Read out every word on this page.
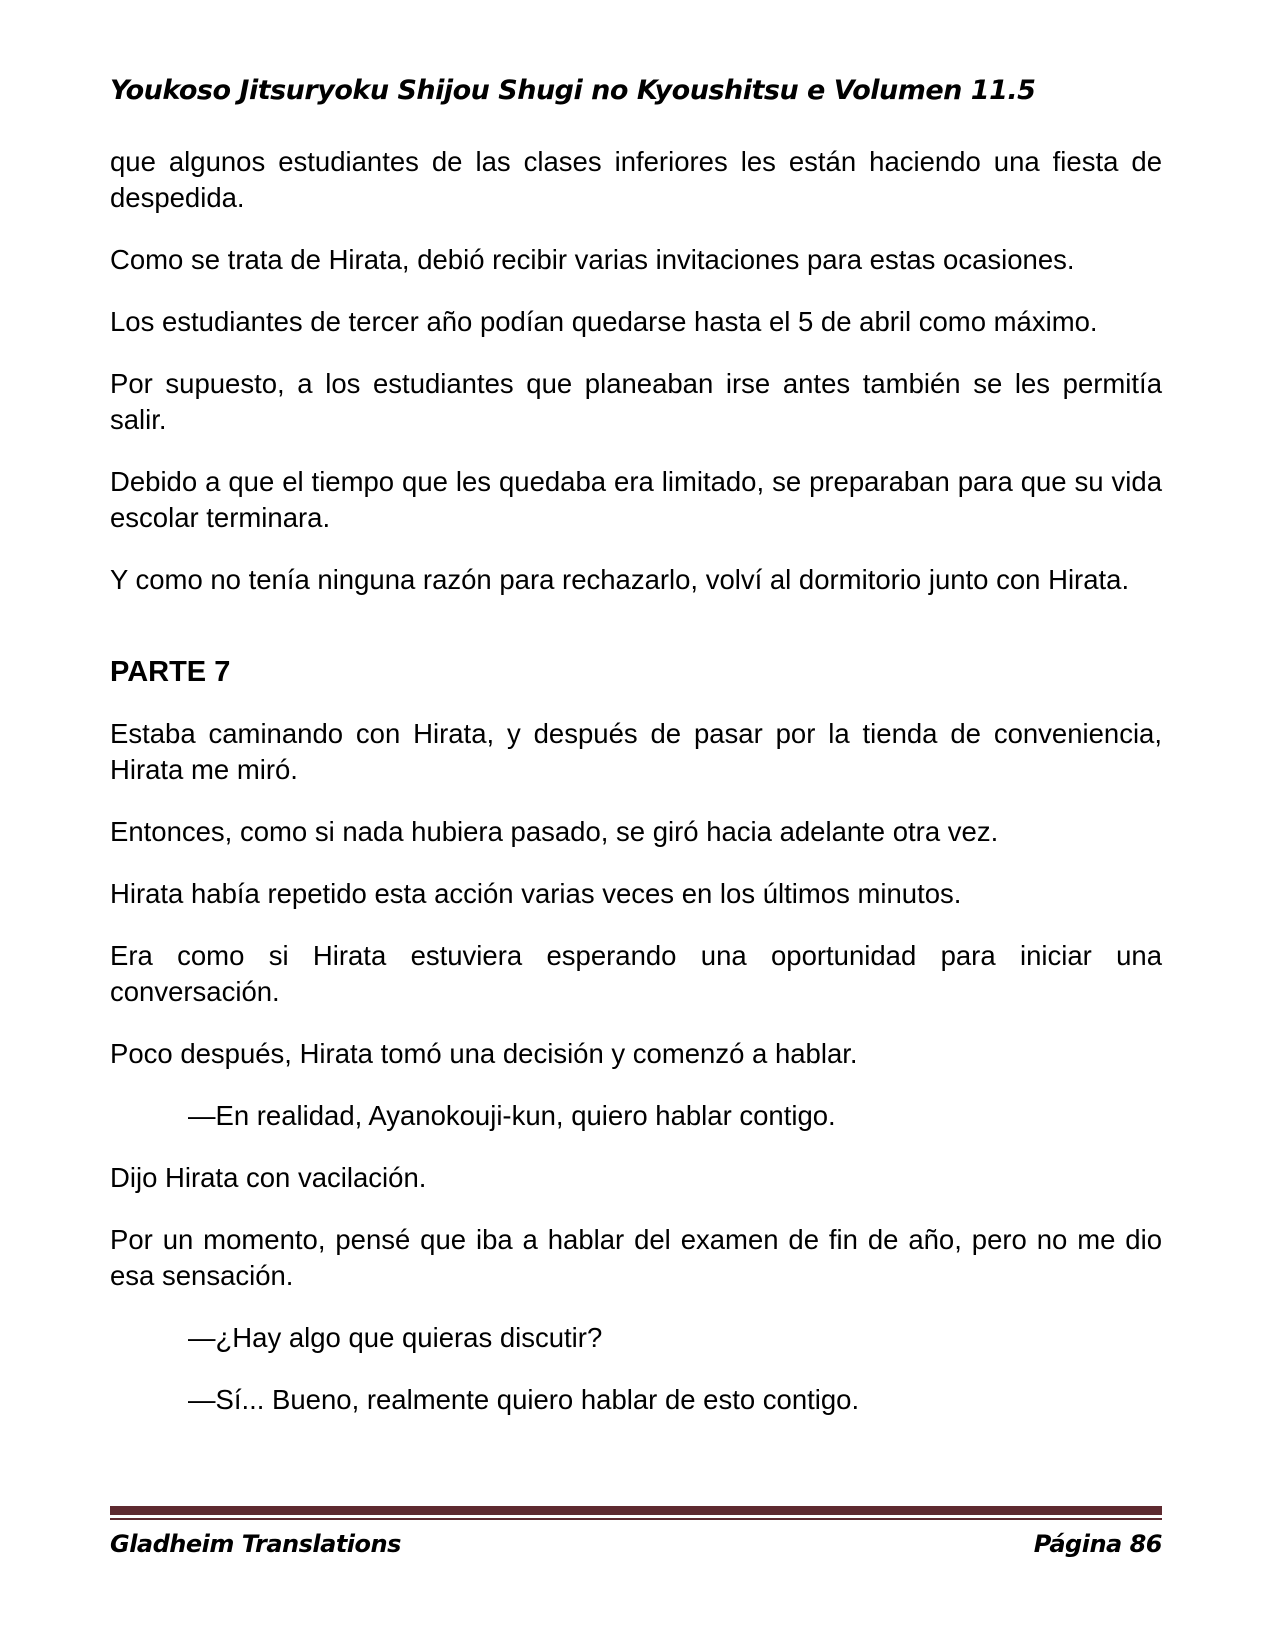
Youkoso Jitsuryoku Shijou Shugi no Kyoushitsu e Volumen 11.5

que algunos estudiantes de las clases inferiores les están haciendo una fiesta de despedida.

Como se trata de Hirata, debió recibir varias invitaciones para estas ocasiones.

Los estudiantes de tercer año podían quedarse hasta el 5 de abril como máximo.

Por supuesto, a los estudiantes que planeaban irse antes también se les permitía salir.

Debido a que el tiempo que les quedaba era limitado, se preparaban para que su vida escolar terminara.

Y como no tenía ninguna razón para rechazarlo, volví al dormitorio junto con Hirata.

PARTE 7

Estaba caminando con Hirata, y después de pasar por la tienda de conveniencia, Hirata me miró.

Entonces, como si nada hubiera pasado, se giró hacia adelante otra vez.

Hirata había repetido esta acción varias veces en los últimos minutos.

Era como si Hirata estuviera esperando una oportunidad para iniciar una conversación.

Poco después, Hirata tomó una decisión y comenzó a hablar.

—En realidad, Ayanokouji-kun, quiero hablar contigo.

Dijo Hirata con vacilación.

Por un momento, pensé que iba a hablar del examen de fin de año, pero no me dio esa sensación.

—¿Hay algo que quieras discutir?

—Sí... Bueno, realmente quiero hablar de esto contigo.

Gladheim Translations	Página 86
